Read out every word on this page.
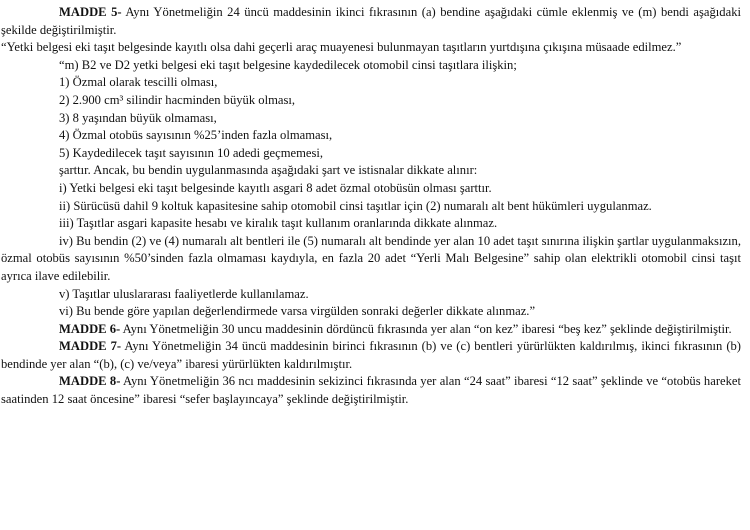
MADDE 5- Aynı Yönetmeliğin 24 üncü maddesinin ikinci fıkrasının (a) bendine aşağıdaki cümle eklenmiş ve (m) bendi aşağıdaki şekilde değiştirilmiştir.

“Yetki belgesi eki taşıt belgesinde kayıtlı olsa dahi geçerli araç muayenesi bulunmayan taşıtların yurtdışına çıkışına müsaade edilmez.”

“m) B2 ve D2 yetki belgesi eki taşıt belgesine kaydedilecek otomobil cinsi taşıtlara ilişkin;

1) Özmal olarak tescilli olması,

2) 2.900 cm³ silindir hacminden büyük olması,

3) 8 yaşından büyük olmaması,

4) Özmal otobüs sayısının %25’inden fazla olmaması,

5) Kaydedilecek taşıt sayısının 10 adedi geçmemesi,

şarttır. Ancak, bu bendin uygulanmasında aşağıdaki şart ve istisnalar dikkate alınır:

i) Yetki belgesi eki taşıt belgesinde kayıtlı asgari 8 adet özmal otobüsün olması şarttır.

ii) Sürücüsü dahil 9 koltuk kapasitesine sahip otomobil cinsi taşıtlar için (2) numaralı alt bent hükümleri uygulanmaz.

iii) Taşıtlar asgari kapasite hesabı ve kiralık taşıt kullanım oranlarında dikkate alınmaz.

iv) Bu bendin (2) ve (4) numaralı alt bentleri ile (5) numaralı alt bendinde yer alan 10 adet taşıt sınırına ilişkin şartlar uygulanmaksızın, özmal otobüs sayısının %50’sinden fazla olmaması kaydıyla, en fazla 20 adet “Yerli Malı Belgesine” sahip olan elektrikli otomobil cinsi taşıt ayrıca ilave edilebilir.

v) Taşıtlar uluslararası faaliyetlerde kullanılamaz.

vi) Bu bende göre yapılan değerlendirmede varsa virgülden sonraki değerler dikkate alınmaz.”

MADDE 6- Aynı Yönetmeliğin 30 uncu maddesinin dördüncü fıkrasında yer alan “on kez” ibaresi “beş kez” şeklinde değiştirilmiştir.

MADDE 7- Aynı Yönetmeliğin 34 üncü maddesinin birinci fıkrasının (b) ve (c) bentleri yürürlükten kaldırılmış, ikinci fıkrasının (b) bendinde yer alan “(b), (c) ve/veya” ibaresi yürürlükten kaldırılmıştır.

MADDE 8- Aynı Yönetmeliğin 36 ncı maddesinin sekizinci fıkrasında yer alan “24 saat” ibaresi “12 saat” şeklinde ve “otobüs hareket saatinden 12 saat öncesine” ibaresi “sefer başlayıncaya” şeklinde değiştirilmiştir.
